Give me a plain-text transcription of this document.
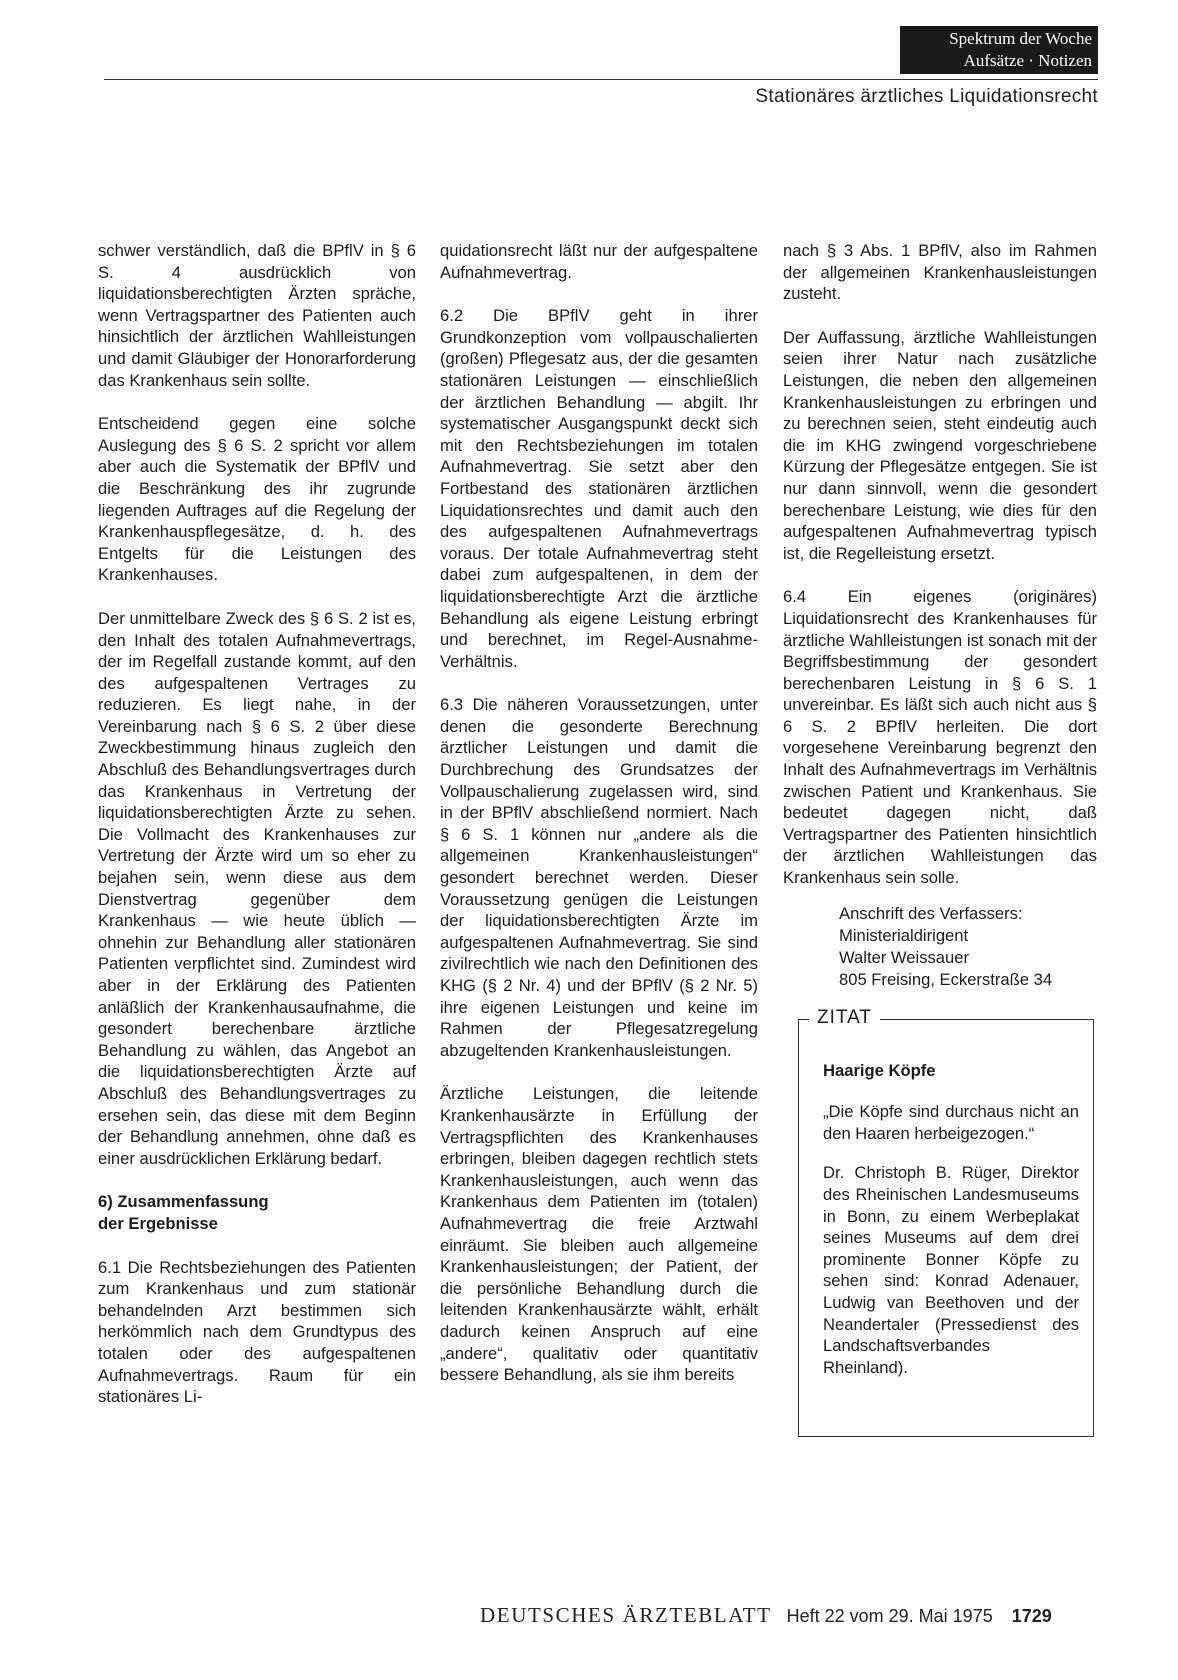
Spektrum der Woche
Aufsätze · Notizen
Stationäres ärztliches Liquidationsrecht

schwer verständlich, daß die BPflV in § 6 S. 4 ausdrücklich von liquidationsberechtigten Ärzten spräche, wenn Vertragspartner des Patienten auch hinsichtlich der ärztlichen Wahlleistungen und damit Gläubiger der Honorarforderung das Krankenhaus sein sollte.

Entscheidend gegen eine solche Auslegung des § 6 S. 2 spricht vor allem aber auch die Systematik der BPflV und die Beschränkung des ihr zugrunde liegenden Auftrages auf die Regelung der Krankenhauspflegesätze, d. h. des Entgelts für die Leistungen des Krankenhauses.

Der unmittelbare Zweck des § 6 S. 2 ist es, den Inhalt des totalen Aufnahmevertrags, der im Regelfall zustande kommt, auf den des aufgespaltenen Vertrages zu reduzieren. Es liegt nahe, in der Vereinbarung nach § 6 S. 2 über diese Zweckbestimmung hinaus zugleich den Abschluß des Behandlungsvertrages durch das Krankenhaus in Vertretung der liquidationsberechtigten Ärzte zu sehen. Die Vollmacht des Krankenhauses zur Vertretung der Ärzte wird um so eher zu bejahen sein, wenn diese aus dem Dienstvertrag gegenüber dem Krankenhaus — wie heute üblich — ohnehin zur Behandlung aller stationären Patienten verpflichtet sind. Zumindest wird aber in der Erklärung des Patienten anläßlich der Krankenhausaufnahme, die gesondert berechenbare ärztliche Behandlung zu wählen, das Angebot an die liquidationsberechtigten Ärzte auf Abschluß des Behandlungsvertrages zu ersehen sein, das diese mit dem Beginn der Behandlung annehmen, ohne daß es einer ausdrücklichen Erklärung bedarf.

6) Zusammenfassung
der Ergebnisse

6.1 Die Rechtsbeziehungen des Patienten zum Krankenhaus und zum stationär behandelnden Arzt bestimmen sich herkömmlich nach dem Grundtypus des totalen oder des aufgespaltenen Aufnahmevertrags. Raum für ein stationäres Li-

quidationsrecht läßt nur der aufgespaltene Aufnahmevertrag.

6.2 Die BPflV geht in ihrer Grundkonzeption vom vollpauschalierten (großen) Pflegesatz aus, der die gesamten stationären Leistungen — einschließlich der ärztlichen Behandlung — abgilt. Ihr systematischer Ausgangspunkt deckt sich mit den Rechtsbeziehungen im totalen Aufnahmevertrag. Sie setzt aber den Fortbestand des stationären ärztlichen Liquidationsrechtes und damit auch den des aufgespaltenen Aufnahmevertrags voraus. Der totale Aufnahmevertrag steht dabei zum aufgespaltenen, in dem der liquidationsberechtigte Arzt die ärztliche Behandlung als eigene Leistung erbringt und berechnet, im Regel-Ausnahme-Verhältnis.

6.3 Die näheren Voraussetzungen, unter denen die gesonderte Berechnung ärztlicher Leistungen und damit die Durchbrechung des Grundsatzes der Vollpauschalierung zugelassen wird, sind in der BPflV abschließend normiert. Nach § 6 S. 1 können nur „andere als die allgemeinen Krankenhausleistungen“ gesondert berechnet werden. Dieser Voraussetzung genügen die Leistungen der liquidationsberechtigten Ärzte im aufgespaltenen Aufnahmevertrag. Sie sind zivilrechtlich wie nach den Definitionen des KHG (§ 2 Nr. 4) und der BPflV (§ 2 Nr. 5) ihre eigenen Leistungen und keine im Rahmen der Pflegesatzregelung abzugeltenden Krankenhausleistungen.

Ärztliche Leistungen, die leitende Krankenhausärzte in Erfüllung der Vertragspflichten des Krankenhauses erbringen, bleiben dagegen rechtlich stets Krankenhausleistungen, auch wenn das Krankenhaus dem Patienten im (totalen) Aufnahmevertrag die freie Arztwahl einräumt. Sie bleiben auch allgemeine Krankenhausleistungen; der Patient, der die persönliche Behandlung durch die leitenden Krankenhausärzte wählt, erhält dadurch keinen Anspruch auf eine „andere“, qualitativ oder quantitativ bessere Behandlung, als sie ihm bereits

nach § 3 Abs. 1 BPflV, also im Rahmen der allgemeinen Krankenhausleistungen zusteht.

Der Auffassung, ärztliche Wahlleistungen seien ihrer Natur nach zusätzliche Leistungen, die neben den allgemeinen Krankenhausleistungen zu erbringen und zu berechnen seien, steht eindeutig auch die im KHG zwingend vorgeschriebene Kürzung der Pflegesätze entgegen. Sie ist nur dann sinnvoll, wenn die gesondert berechenbare Leistung, wie dies für den aufgespaltenen Aufnahmevertrag typisch ist, die Regelleistung ersetzt.

6.4 Ein eigenes (originäres) Liquidationsrecht des Krankenhauses für ärztliche Wahlleistungen ist sonach mit der Begriffsbestimmung der gesondert berechenbaren Leistung in § 6 S. 1 unvereinbar. Es läßt sich auch nicht aus § 6 S. 2 BPflV herleiten. Die dort vorgesehene Vereinbarung begrenzt den Inhalt des Aufnahmevertrags im Verhältnis zwischen Patient und Krankenhaus. Sie bedeutet dagegen nicht, daß Vertragspartner des Patienten hinsichtlich der ärztlichen Wahlleistungen das Krankenhaus sein solle.

Anschrift des Verfassers:
Ministerialdirigent
Walter Weissauer
805 Freising, Eckerstraße 34
ZITAT
Haarige Köpfe

„Die Köpfe sind durchaus nicht an den Haaren herbeigezogen.“

Dr. Christoph B. Rüger, Direktor des Rheinischen Landesmuseums in Bonn, zu einem Werbeplakat seines Museums auf dem drei prominente Bonner Köpfe zu sehen sind: Konrad Adenauer, Ludwig van Beethoven und der Neandertaler (Pressedienst des Landschaftsverbandes Rheinland).

DEUTSCHES ÄRZTEBLATT Heft 22 vom 29. Mai 1975 1729
